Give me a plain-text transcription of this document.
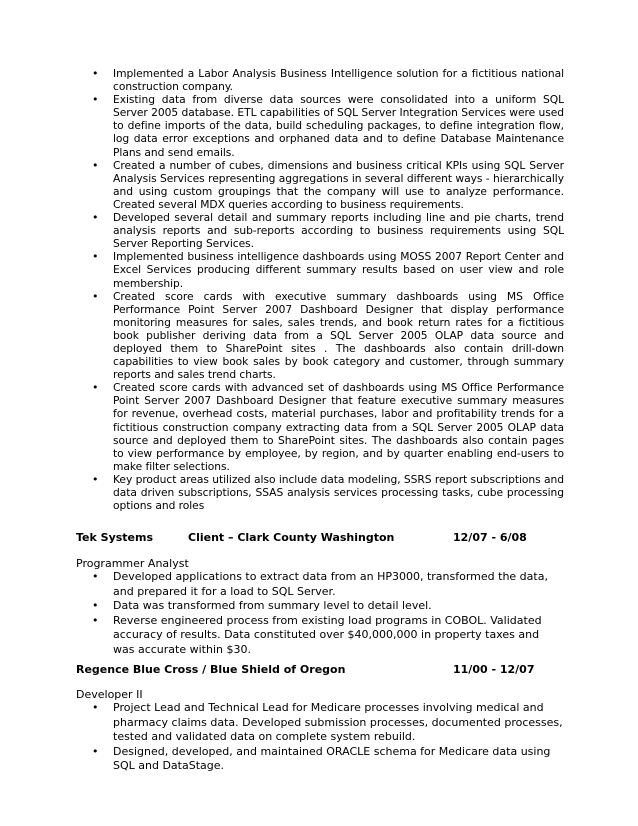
• Implemented a Labor Analysis Business Intelligence solution for a fictitious national construction company.
• Existing data from diverse data sources were consolidated into a uniform SQL Server 2005 database. ETL capabilities of SQL Server Integration Services were used to define imports of the data, build scheduling packages, to define integration flow, log data error exceptions and orphaned data and to define Database Maintenance Plans and send emails.
• Created a number of cubes, dimensions and business critical KPIs using SQL Server Analysis Services representing aggregations in several different ways - hierarchically and using custom groupings that the company will use to analyze performance. Created several MDX queries according to business requirements.
• Developed several detail and summary reports including line and pie charts, trend analysis reports and sub-reports according to business requirements using SQL Server Reporting Services.
• Implemented business intelligence dashboards using MOSS 2007 Report Center and Excel Services producing different summary results based on user view and role membership.
• Created score cards with executive summary dashboards using MS Office Performance Point Server 2007 Dashboard Designer that display performance monitoring measures for sales, sales trends, and book return rates for a fictitious book publisher deriving data from a SQL Server 2005 OLAP data source and deployed them to SharePoint sites . The dashboards also contain drill-down capabilities to view book sales by book category and customer, through summary reports and sales trend charts.
• Created score cards with advanced set of dashboards using MS Office Performance Point Server 2007 Dashboard Designer that feature executive summary measures for revenue, overhead costs, material purchases, labor and profitability trends for a fictitious construction company extracting data from a SQL Server 2005 OLAP data source and deployed them to SharePoint sites. The dashboards also contain pages to view performance by employee, by region, and by quarter enabling end-users to make filter selections.
• Key product areas utilized also include data modeling, SSRS report subscriptions and data driven subscriptions, SSAS analysis services processing tasks, cube processing options and roles
Tek Systems	Client – Clark County Washington	12/07 - 6/08
Programmer Analyst
• Developed applications to extract data from an HP3000, transformed the data, and prepared it for a load to SQL Server.
• Data was transformed from summary level to detail level.
• Reverse engineered process from existing load programs in COBOL. Validated accuracy of results. Data constituted over $40,000,000 in property taxes and was accurate within $30.
Regence Blue Cross / Blue Shield of Oregon	11/00 - 12/07
Developer II
• Project Lead and Technical Lead for Medicare processes involving medical and pharmacy claims data. Developed submission processes, documented processes, tested and validated data on complete system rebuild.
• Designed, developed, and maintained ORACLE schema for Medicare data using SQL and DataStage.
